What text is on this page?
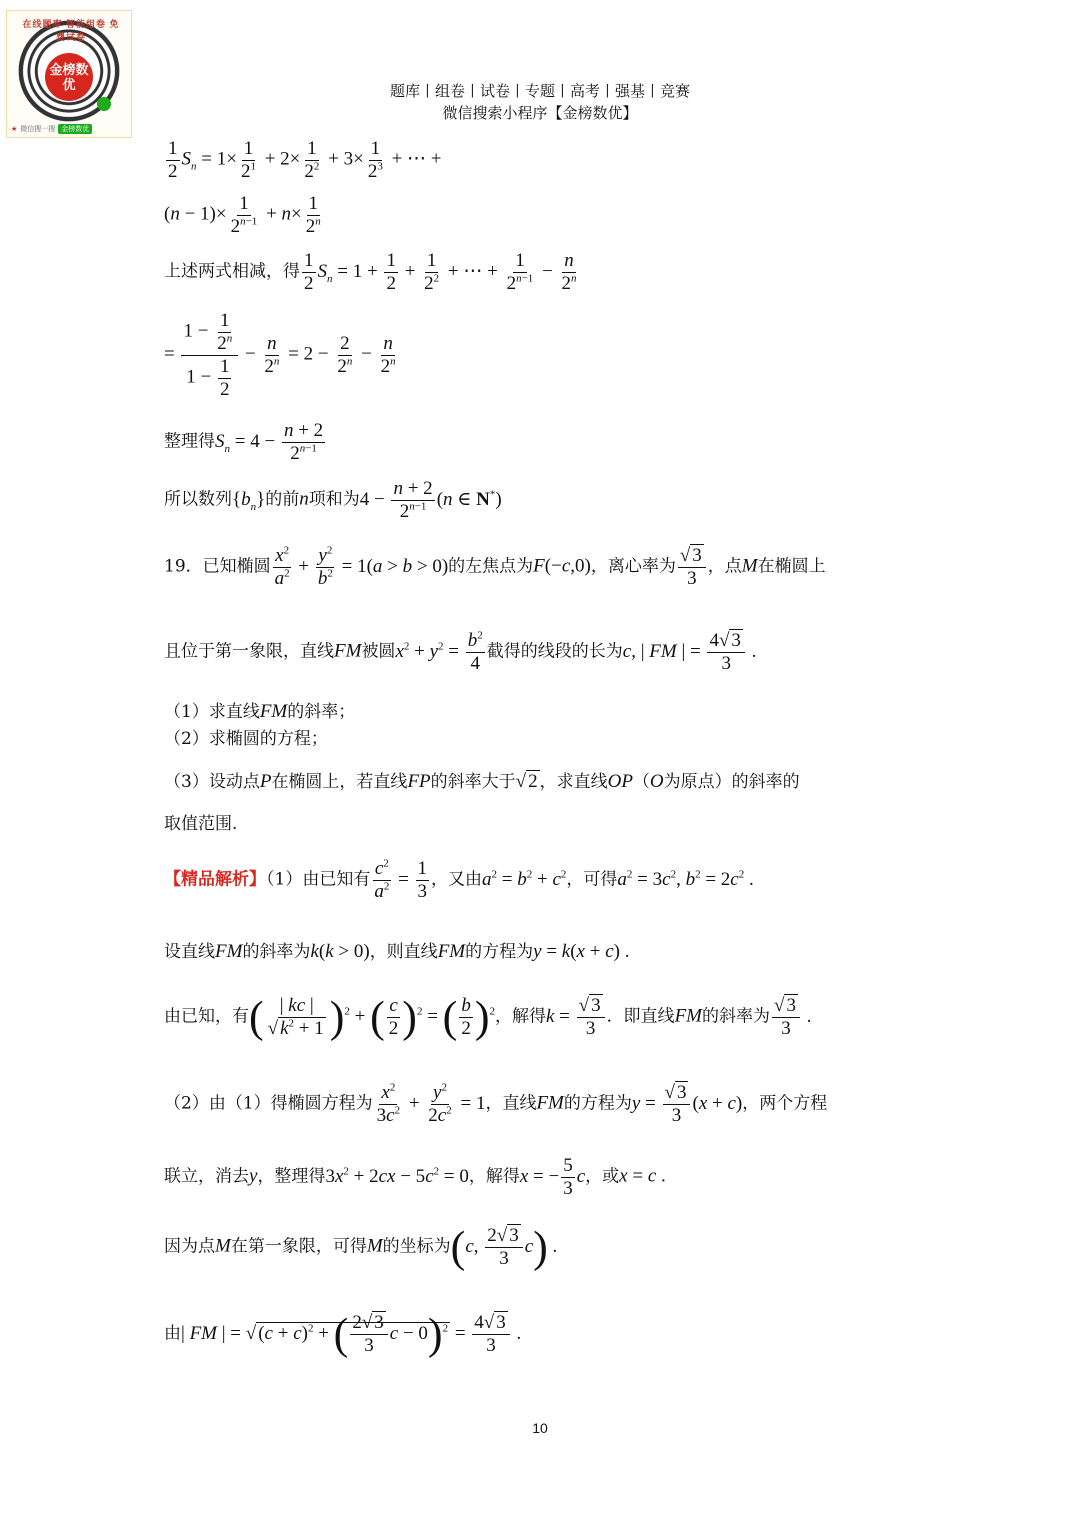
在线题库 智能组卷 免费试卷
金榜数优
★ 微信搜一搜 金榜数优
题库丨组卷丨试卷丨专题丨高考丨强基丨竞赛
微信搜索小程序【金榜数优】
$\frac{1}{2} S_n = 1\times \frac{1}{2^1} + 2\times \frac{1}{2^2} + 3\times \frac{1}{2^3}$ + ⋯ +
$(n - 1)\times \frac{1}{2^{n-1}} + n\times \frac{1}{2^n}$
上述两式相减，得 $\frac{1}{2} S_n = 1 + \frac{1}{2} + \frac{1}{2^2}$ + ⋯ + $\frac{1}{2^{n-1}} - \frac{n}{2^n}$
= $\frac{1 - \frac{1}{2^n}}{1 - \frac{1}{2}} - \frac{n}{2^n} = 2 - \frac{2}{2^n} - \frac{n}{2^n}$
整理得$S_n = 4 - \frac{n + 2}{2^{n-1}}$
所以数列$\{b_n\}$的前n项和为$4 - \frac{n + 2}{2^{n-1}} (n$ ∈ N*)
19．已知椭圆 $\frac{x^2}{a^2} + \frac{y^2}{b^2} = 1(a > b > 0)$的左焦点为F(−c,0)，离心率为 $\frac{√ 3}{3}$ ，点M在椭圆上
且位于第一象限，直线FM被圆$x^2 + y^2 = \frac{b^2}{4}$ 截得的线段的长为c, | FM | = $\frac{4√ 3}{3}$ .
（1）求直线FM的斜率；
（2）求椭圆的方程；
（3）设动点P在椭圆上，若直线FP的斜率大于√ 2 ，求直线OP（O为原点）的斜率的
取值范围.
【精品解析】（1）由已知有 $\frac{c^2}{a^2} = \frac{1}{3}$ ，又由$a^2 = b^2 + c^2$，可得$a^2 = 3c^2$, $b^2 = 2c^2$ .
设直线FM的斜率为k(k > 0)，则直线FM的方程为y = k(x + c) .
由已知，有( $\frac{| kc |}{√ k^2 + 1} )^2$ + ( $\frac{c}{2} )^2$ = ( $\frac{b}{2} )^2$，解得$k = \frac{√ 3}{3}$ ．即直线FM的斜率为 $\frac{√ 3}{3}$ .
（2）由（1）得椭圆方程为 $\frac{x^2}{3c^2} + \frac{y^2}{2c^2} = 1$，直线FM的方程为$y = \frac{√ 3}{3} (x + c)$，两个方程
联立，消去y，整理得$3x^2 + 2cx - 5c^2 = 0$，解得x = − $\frac{5}{3}$ c，或x = c .
因为点M在第一象限，可得M的坐标为(c, $\frac{2√ 3}{3} c$) .
由| FM | = √ $(c + c)^2$ + ( $\frac{2√ 3}{3}$ $c - 0)^2 = \frac{4√ 3}{3}$ .
10
